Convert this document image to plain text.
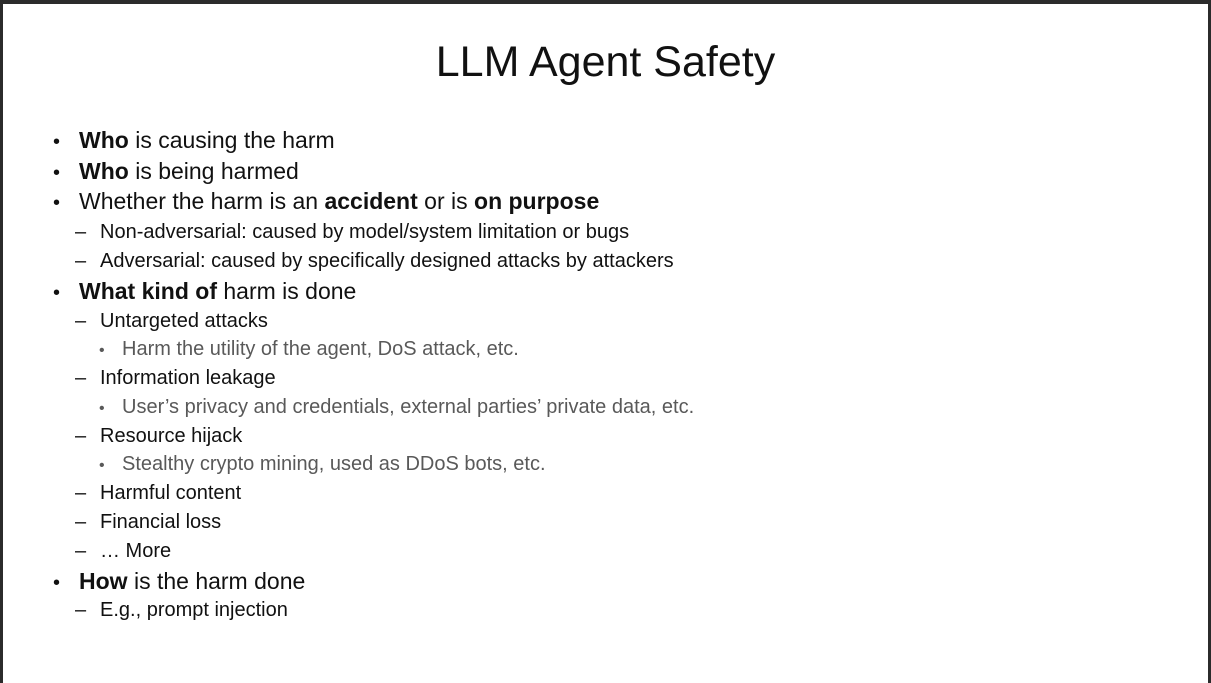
LLM Agent Safety
• Who is causing the harm
• Who is being harmed
• Whether the harm is an accident or is on purpose
– Non-adversarial: caused by model/system limitation or bugs
– Adversarial: caused by specifically designed attacks by attackers
• What kind of harm is done
– Untargeted attacks
• Harm the utility of the agent, DoS attack, etc.
– Information leakage
• User’s privacy and credentials, external parties’ private data, etc.
– Resource hijack
• Stealthy crypto mining, used as DDoS bots, etc.
– Harmful content
– Financial loss
– … More
• How is the harm done
– E.g., prompt injection
